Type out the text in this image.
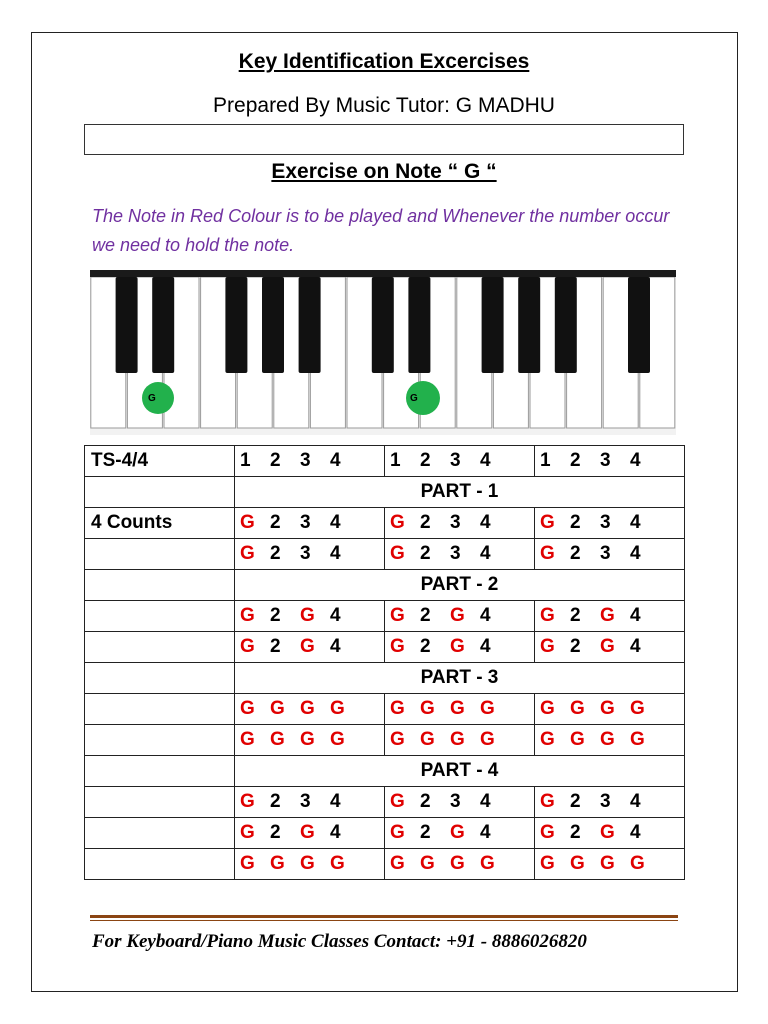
Key Identification Excercises
Prepared By Music Tutor: G MADHU
Exercise on Note “ G “
The Note in Red Colour is to be played and Whenever the number occur we need to hold the note.
G	G
TS-4/4	1 2 3 4	1 2 3 4	1 2 3 4

	PART - 1		
4 Counts	G 2 3 4	G 2 3 4	G 2 3 4

	G 2 3 4	G 2 3 4	G 2 3 4

	PART - 2		

	G 2 G 4	G 2 G 4	G 2 G 4

	G 2 G 4	G 2 G 4	G 2 G 4

	PART - 3		

	G G G G	G G G G	G G G G

	G G G G	G G G G	G G G G

	PART - 4		

	G 2 3 4	G 2 3 4	G 2 3 4

	G 2 G 4	G 2 G 4	G 2 G 4

	G G G G	G G G G	G G G G
For Keyboard/Piano Music Classes Contact: +91 - 8886026820
